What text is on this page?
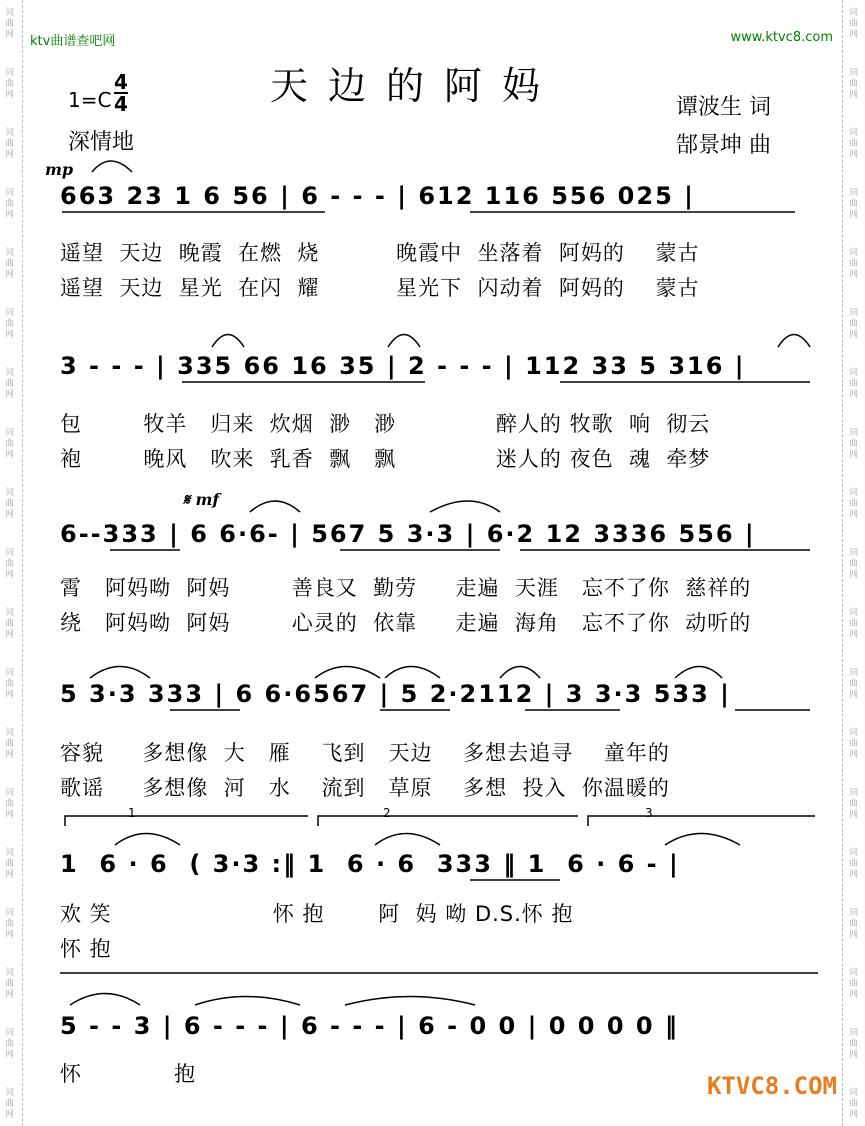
词曲网
词曲网
词曲网
词曲网
词曲网
词曲网
词曲网
词曲网
词曲网
词曲网
词曲网
词曲网
词曲网
词曲网
词曲网
词曲网
词曲网
词曲网
词曲网
词曲网
词曲网
词曲网
词曲网
词曲网
词曲网
词曲网
词曲网
词曲网
词曲网
词曲网
词曲网
词曲网
词曲网
词曲网
词曲网
词曲网
词曲网
词曲网
ktv曲谱查吧网	www.ktvc8.com
天边的阿妈
1=C
4
4
深情地
谭波生 词
郜景坤 曲
mp
𝄋 mf
663 23 1 6 56 | 6 - - - | 612 116 556 025 |
遥望  天边  晚霞  在燃  烧          晚霞中  坐落着  阿妈的    蒙古
遥望  天边  星光  在闪  耀          星光下  闪动着  阿妈的    蒙古
3 - - - | 335 66 16 35 | 2 - - - | 112 33 5 316 |
包        牧羊   归来  炊烟  渺   渺             醉人的 牧歌  响  彻云
袍        晚风   吹来  乳香  飘   飘             迷人的 夜色  魂  牵梦
6--333 | 6 6·6- | 567 5 3·3 | 6·2 12 3336 556 |
霄   阿妈呦  阿妈        善良又  勤劳     走遍  天涯   忘不了你  慈祥的
绕   阿妈呦  阿妈        心灵的  依靠     走遍  海角   忘不了你  动听的
5 3·3 333 | 6 6·6567 | 5 2·2112 | 3 3·3 533 |
容貌     多想像  大   雁    飞到   天边    多想去追寻    童年的
歌谣     多想像  河   水    流到   草原    多想  投入  你温暖的
1	2	3
1  6 · 6  ( 3·3 :‖ 1  6 · 6  333 ‖ 1  6 · 6 - |
欢 笑                     怀 抱       阿  妈 呦 D.S.怀 抱
怀 抱
5 - - 3 | 6 - - - | 6 - - - | 6 - 0 0 | 0 0 0 0 ‖
怀            抱	KTVC8.COM
